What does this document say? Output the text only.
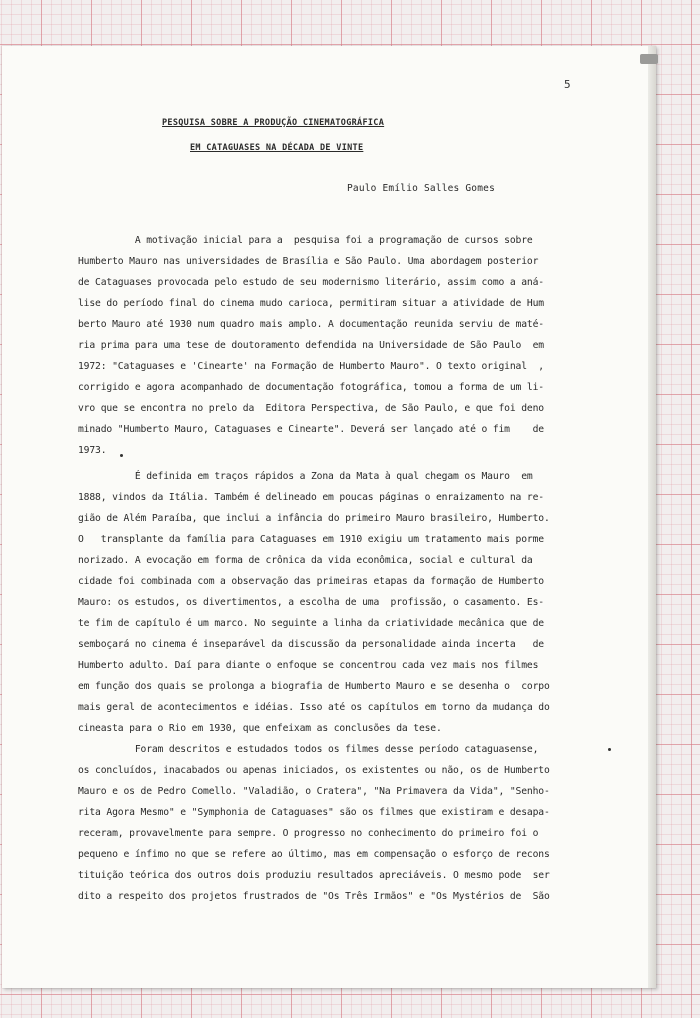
5
PESQUISA SOBRE A PRODUÇÃO CINEMATOGRÁFICA
EM CATAGUASES NA DÉCADA DE VINTE
Paulo Emílio Salles Gomes
A motivação inicial para a  pesquisa foi a programação de cursos sobre
Humberto Mauro nas universidades de Brasília e São Paulo. Uma abordagem posterior
de Cataguases provocada pelo estudo de seu modernismo literário, assim como a aná-
lise do período final do cinema mudo carioca, permitiram situar a atividade de Hum
berto Mauro até 1930 num quadro mais amplo. A documentação reunida serviu de maté-
ria prima para uma tese de doutoramento defendida na Universidade de São Paulo  em
1972: "Cataguases e 'Cinearte' na Formação de Humberto Mauro". O texto original  ,
corrigido e agora acompanhado de documentação fotográfica, tomou a forma de um li-
vro que se encontra no prelo da  Editora Perspectiva, de São Paulo, e que foi deno
minado "Humberto Mauro, Cataguases e Cinearte". Deverá ser lançado até o fim    de
1973.
É definida em traços rápidos a Zona da Mata à qual chegam os Mauro  em
1888, vindos da Itália. Também é delineado em poucas páginas o enraizamento na re-
gião de Além Paraíba, que inclui a infância do primeiro Mauro brasileiro, Humberto.
O   transplante da família para Cataguases em 1910 exigiu um tratamento mais porme
norizado. A evocação em forma de crônica da vida econômica, social e cultural da
cidade foi combinada com a observação das primeiras etapas da formação de Humberto
Mauro: os estudos, os divertimentos, a escolha de uma  profissão, o casamento. Es-
te fim de capítulo é um marco. No seguinte a linha da criatividade mecânica que de
semboçará no cinema é inseparável da discussão da personalidade ainda incerta   de
Humberto adulto. Daí para diante o enfoque se concentrou cada vez mais nos filmes
em função dos quais se prolonga a biografia de Humberto Mauro e se desenha o  corpo
mais geral de acontecimentos e idéias. Isso até os capítulos em torno da mudança do
cineasta para o Rio em 1930, que enfeixam as conclusões da tese.
Foram descritos e estudados todos os filmes desse período cataguasense,
os concluídos, inacabados ou apenas iniciados, os existentes ou não, os de Humberto
Mauro e os de Pedro Comello. "Valadião, o Cratera", "Na Primavera da Vida", "Senho-
rita Agora Mesmo" e "Symphonia de Cataguases" são os filmes que existiram e desapa-
receram, provavelmente para sempre. O progresso no conhecimento do primeiro foi o
pequeno e ínfimo no que se refere ao último, mas em compensação o esforço de recons
tituição teórica dos outros dois produziu resultados apreciáveis. O mesmo pode  ser
dito a respeito dos projetos frustrados de "Os Três Irmãos" e "Os Mystérios de  São
